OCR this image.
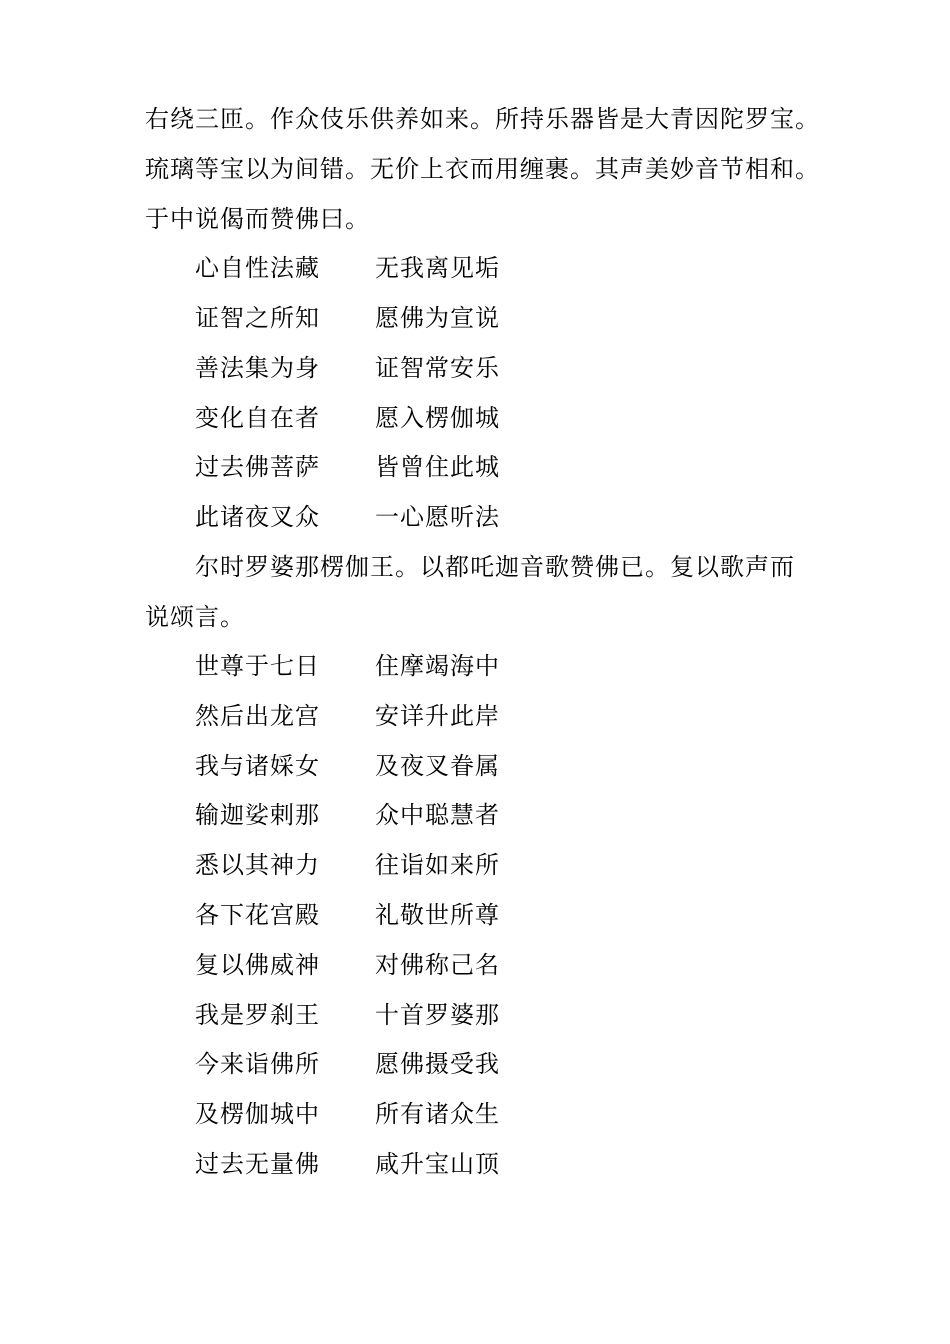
右绕三匝。作众伎乐供养如来。所持乐器皆是大青因陀罗宝。
琉璃等宝以为间错。无价上衣而用缠裹。其声美妙音节相和。
于中说偈而赞佛曰。
心自性法藏 无我离见垢
证智之所知 愿佛为宣说
善法集为身 证智常安乐
变化自在者 愿入楞伽城
过去佛菩萨 皆曾住此城
此诸夜叉众 一心愿听法
尔时罗婆那楞伽王。以都吒迦音歌赞佛已。复以歌声而
说颂言。
世尊于七日 住摩竭海中
然后出龙宫 安详升此岸
我与诸婇女 及夜叉眷属
输迦娑剌那 众中聪慧者
悉以其神力 往诣如来所
各下花宫殿 礼敬世所尊
复以佛威神 对佛称己名
我是罗刹王 十首罗婆那
今来诣佛所 愿佛摄受我
及楞伽城中 所有诸众生
过去无量佛 咸升宝山顶
